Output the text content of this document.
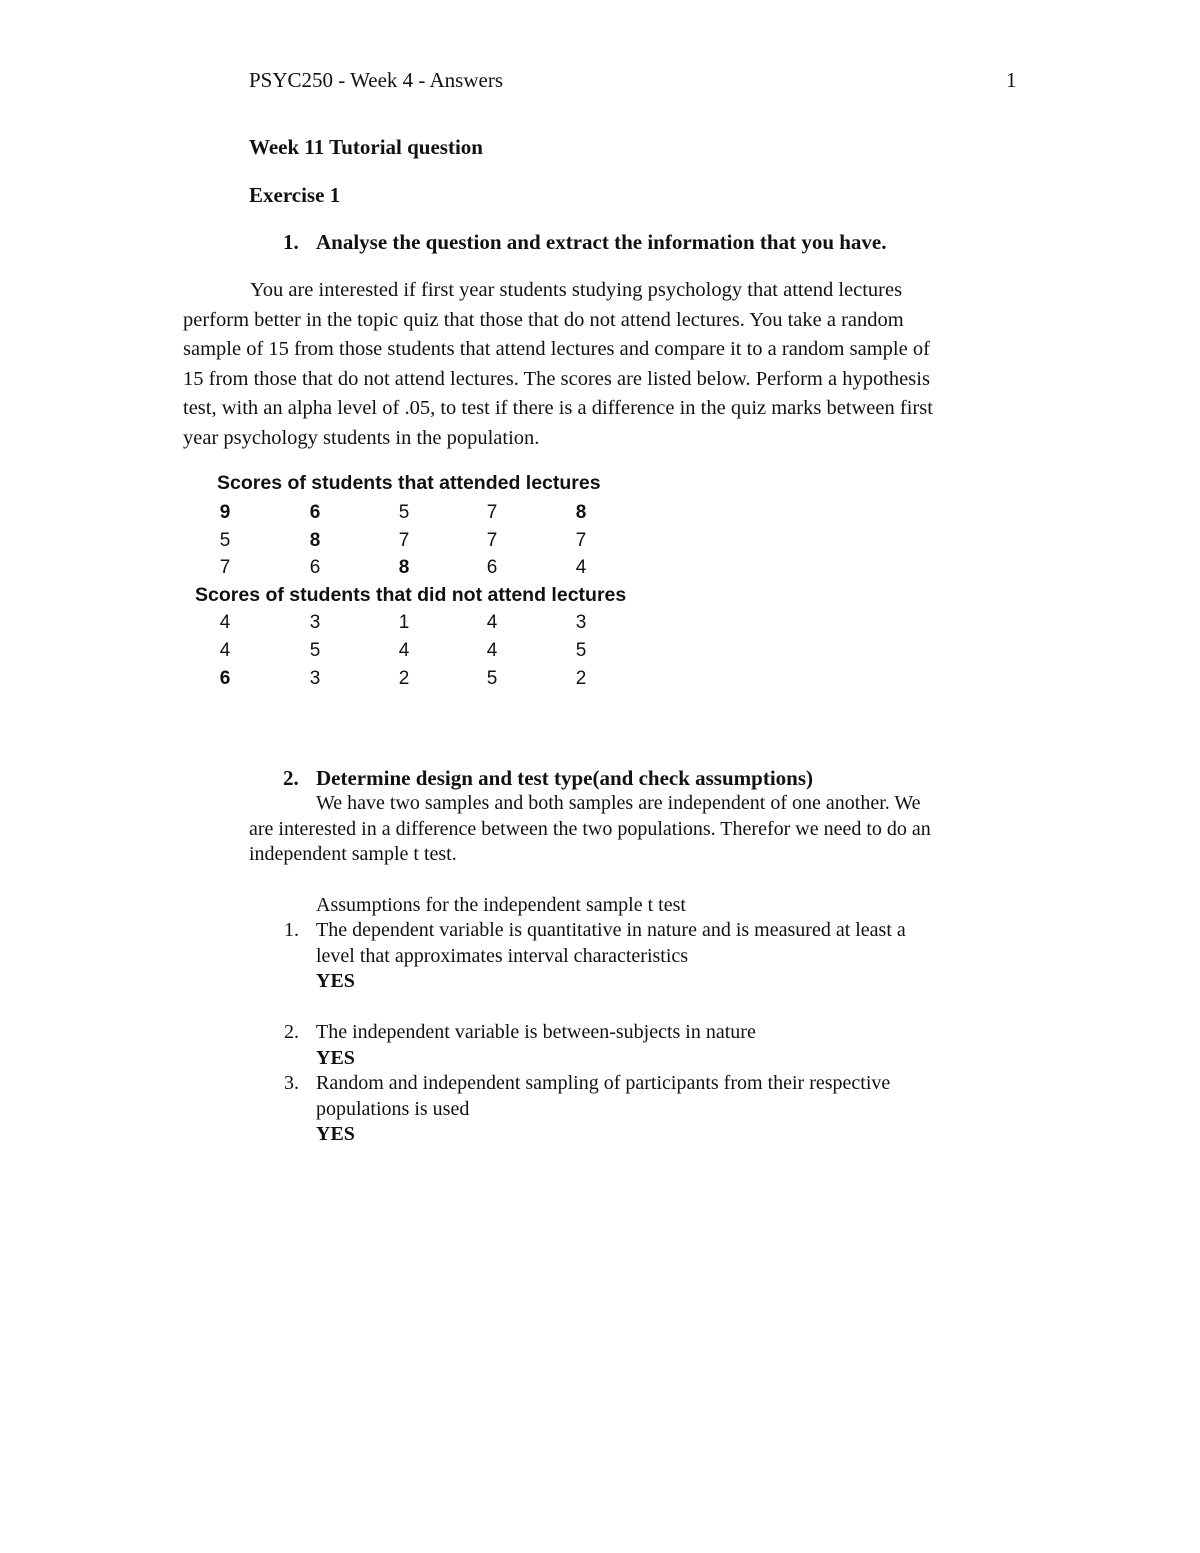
PSYC250 - Week 4 - Answers	1
Week 11 Tutorial question
Exercise 1
1. Analyse the question and extract the information that you have.
You are interested if first year students studying psychology that attend lectures
perform better in the topic quiz that those that do not attend lectures. You take a random
sample of 15 from those students that attend lectures and compare it to a random sample of
15 from those that do not attend lectures. The scores are listed below. Perform a hypothesis
test, with an alpha level of .05, to test if there is a difference in the quiz marks between first
year psychology students in the population.
Scores of students that attended lectures
9	6	5	7	8
5	8	7	7	7
7	6	8	6	4
Scores of students that did not attend lectures
4	3	1	4	3
4	5	4	4	5
6	3	2	5	2
2. Determine design and test type(and check assumptions)
We have two samples and both samples are independent of one another. We
are interested in a difference between the two populations. Therefor we need to do an
independent sample t test.
Assumptions for the independent sample t test
1. The dependent variable is quantitative in nature and is measured at least a
level that approximates interval characteristics
YES
2. The independent variable is between-subjects in nature
YES
3. Random and independent sampling of participants from their respective
populations is used
YES
